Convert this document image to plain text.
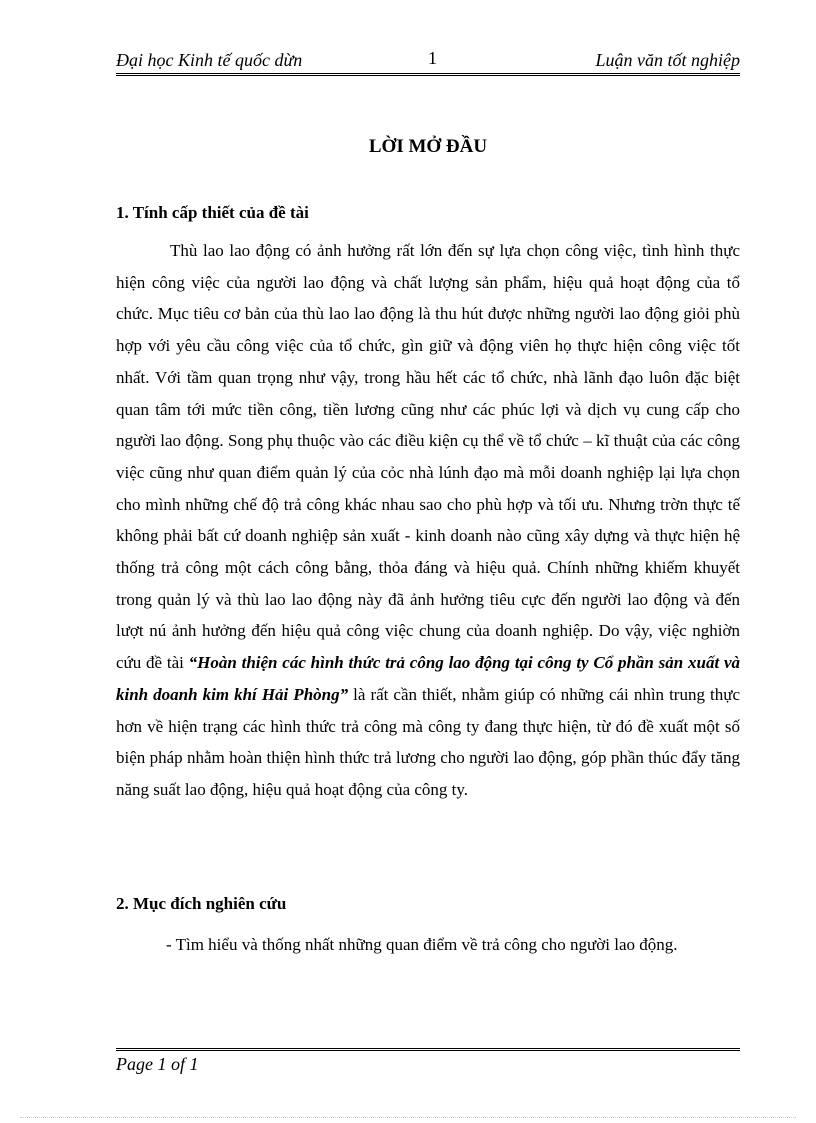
Đại học Kinh tế quốc dừn	1	Luận văn tốt nghiệp
LỜI MỞ ĐẦU
1. Tính cấp thiết của đề tài

Thù lao lao động có ảnh hưởng rất lớn đến sự lựa chọn công việc, tình hình thực hiện công việc của người lao động và chất lượng sản phẩm, hiệu quả hoạt động của tổ chức. Mục tiêu cơ bản của thù lao lao động là thu hút được những người lao động giỏi phù hợp với yêu cầu công việc của tổ chức, gìn giữ và động viên họ thực hiện công việc tốt nhất. Với tầm quan trọng như vậy, trong hầu hết các tổ chức, nhà lãnh đạo luôn đặc biệt quan tâm tới mức tiền công, tiền lương cũng như các phúc lợi và dịch vụ cung cấp cho người lao động. Song phụ thuộc vào các điều kiện cụ thể về tổ chức – kĩ thuật của các công việc cũng như quan điểm quản lý của cỏc nhà lúnh đạo mà mỗi doanh nghiệp lại lựa chọn cho mình những chế độ trả công khác nhau sao cho phù hợp và tối ưu. Nhưng trờn thực tế không phải bất cứ doanh nghiệp sản xuất - kinh doanh nào cũng xây dựng và thực hiện hệ thống trả công một cách công bằng, thỏa đáng và hiệu quả. Chính những khiếm khuyết trong quản lý và thù lao lao động này đã ảnh hưởng tiêu cực đến người lao động và đến lượt nú ảnh hưởng đến hiệu quả công việc chung của doanh nghiệp. Do vậy, việc nghiờn cứu đề tài “Hoàn thiện các hình thức trả công lao động tại công ty Cổ phần sản xuất và kinh doanh kim khí Hải Phòng” là rất cần thiết, nhằm giúp có những cái nhìn trung thực hơn về hiện trạng các hình thức trả công mà công ty đang thực hiện, từ đó đề xuất một số biện pháp nhằm hoàn thiện hình thức trả lương cho người lao động, góp phần thúc đẩy tăng năng suất lao động, hiệu quả hoạt động của công ty.

2. Mục đích nghiên cứu

- Tìm hiểu và thống nhất những quan điểm về trả công cho người lao động.

Page 1 of 1
